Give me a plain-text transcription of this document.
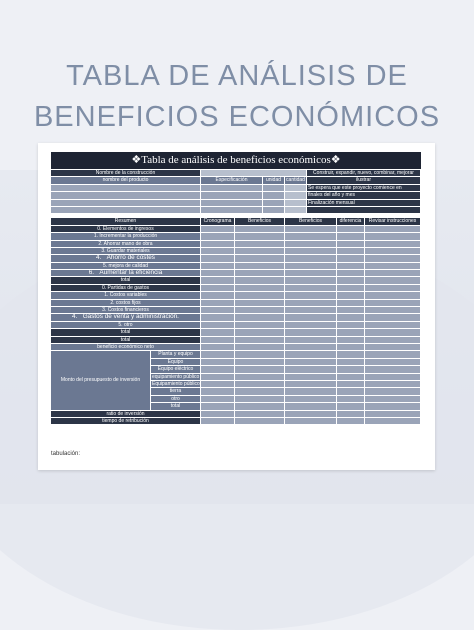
TABLA DE ANÁLISIS DE
BENEFICIOS ECONÓMICOS
❖Tabla de análisis de beneficios económicos❖
Nombre de la construcción	Construir, expandir, nuevo, combinar, mejorar
nombre del producto	Especificación	unidad	cantidad	ilustrar
Se espera que este proyecto comience en
finales del año y mes
Finalización mensual
Resumen	Cronograma	Beneficios	Beneficios	diferencia	Revisar instrucciones
0. Elementos de ingresos
1. Incrementar la producción
2. Ahorrar mano de obra
3. Guardar materiales
4.   Ahorro de costes
5. mejora de calidad
6.   Aumentar la eficiencia
total
0. Partidas de gastos
1. Costos variables
2. costos fijos
3. Costos financieros
4.   Gastos de venta y administración.
5. otro
total
total
beneficio económico neto
Monto del presupuesto de inversión
Planta y equipo
Equipo
Equipo eléctrico
equipamiento público
Equipamiento público
tierra
otro
total
ratio de inversión
tiempo de retribución
tabulación:
